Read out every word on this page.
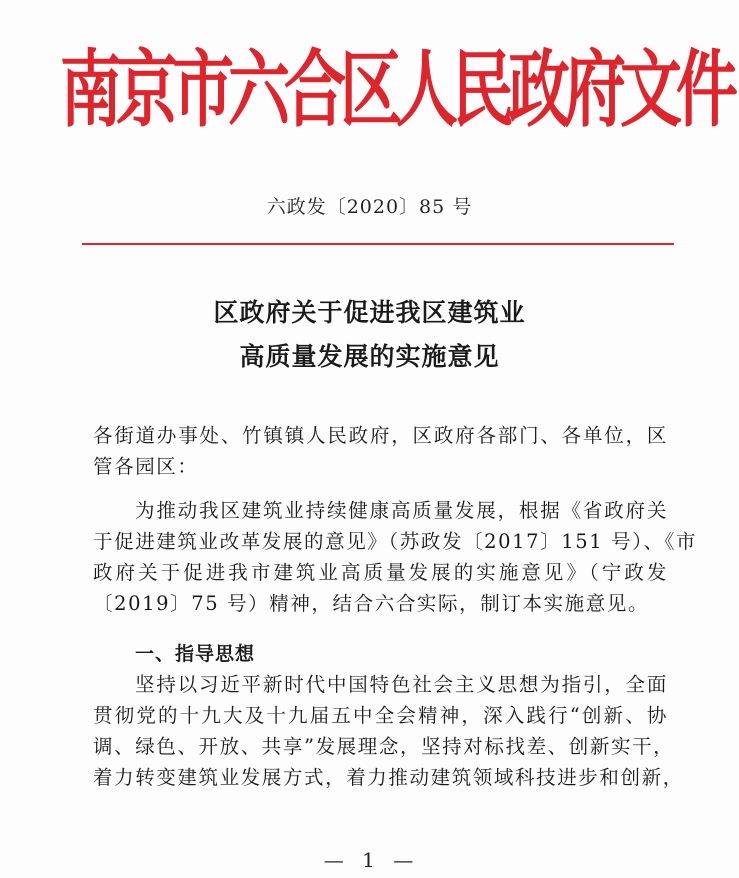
南京市六合区人民政府文件
六政发〔2020〕85 号
区政府关于促进我区建筑业
高质量发展的实施意见
各街道办事处、竹镇镇人民政府，区政府各部门、各单位，区
管各园区：
为推动我区建筑业持续健康高质量发展，根据《省政府关
于促进建筑业改革发展的意见》（苏政发〔2017〕151 号）、《市
政府关于促进我市建筑业高质量发展的实施意见》（宁政发
〔2019〕75 号）精神，结合六合实际，制订本实施意见。
一、指导思想
坚持以习近平新时代中国特色社会主义思想为指引，全面
贯彻党的十九大及十九届五中全会精神，深入践行“创新、协
调、绿色、开放、共享”发展理念，坚持对标找差、创新实干，
着力转变建筑业发展方式，着力推动建筑领域科技进步和创新，
— 1 —
